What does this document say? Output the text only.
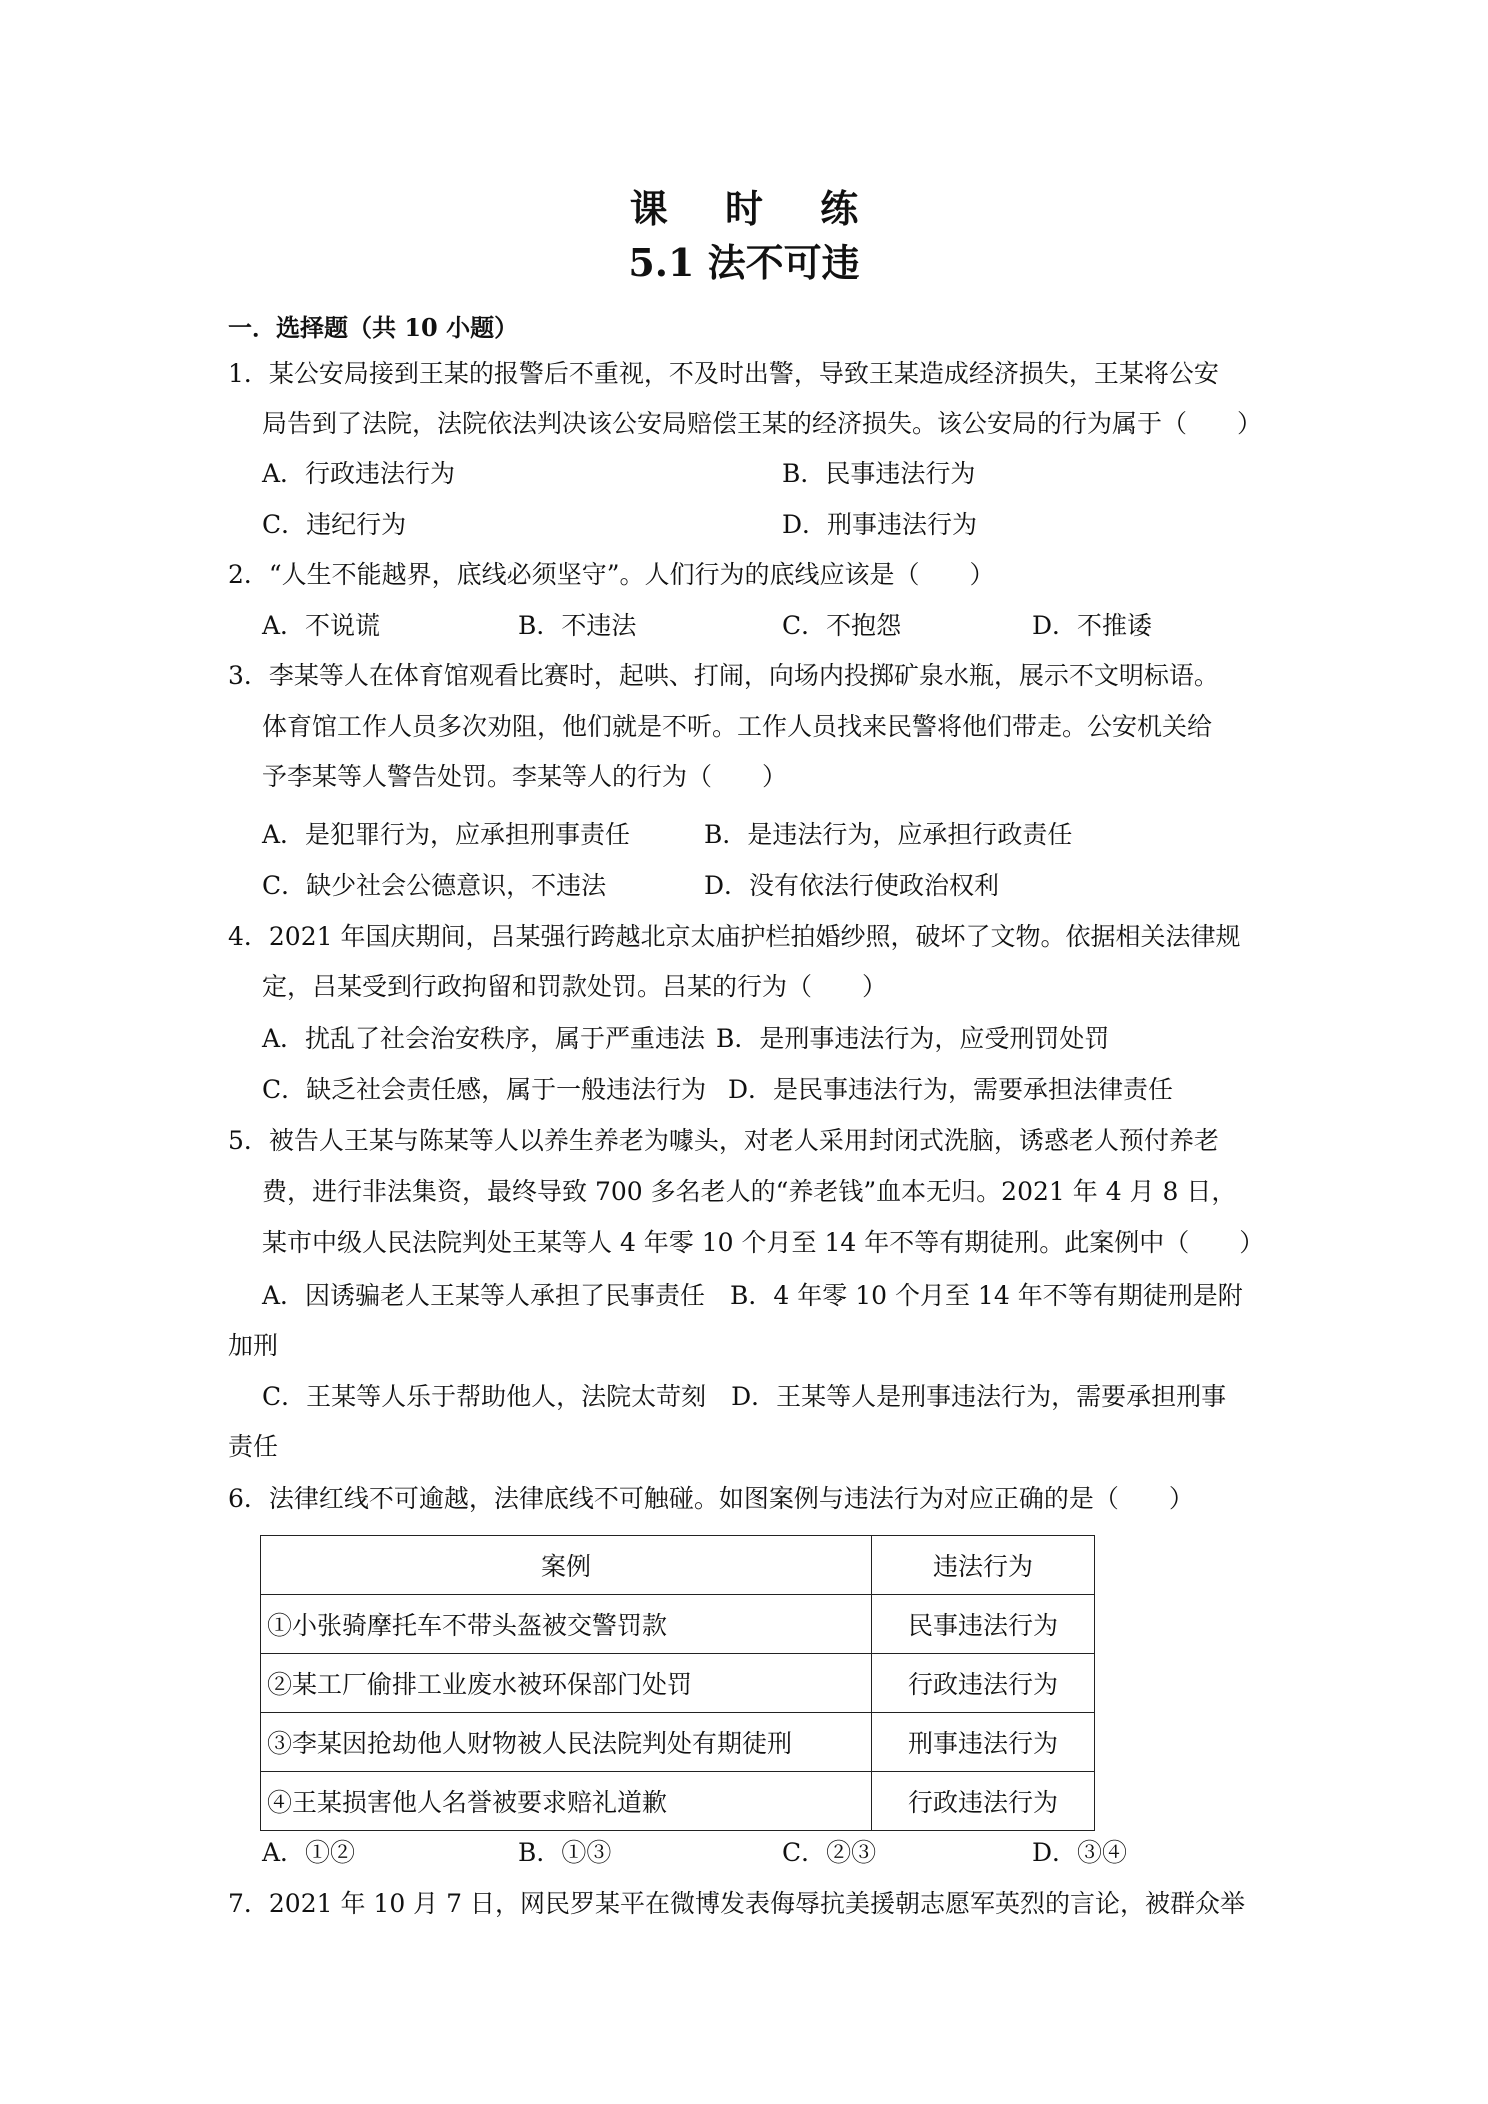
课 时 练
5.1 法不可违
一．选择题（共 10 小题）
1．某公安局接到王某的报警后不重视，不及时出警，导致王某造成经济损失，王某将公安
局告到了法院，法院依法判决该公安局赔偿王某的经济损失。该公安局的行为属于（　　）
A．行政违法行为	B．民事违法行为
C．违纪行为	D．刑事违法行为
2．“人生不能越界，底线必须坚守”。人们行为的底线应该是（　　）
A．不说谎	B．不违法	C．不抱怨	D．不推诿
3．李某等人在体育馆观看比赛时，起哄、打闹，向场内投掷矿泉水瓶，展示不文明标语。
体育馆工作人员多次劝阻，他们就是不听。工作人员找来民警将他们带走。公安机关给
予李某等人警告处罚。李某等人的行为（　　）
A．是犯罪行为，应承担刑事责任	B．是违法行为，应承担行政责任
C．缺少社会公德意识，不违法	D．没有依法行使政治权利
4．2021 年国庆期间，吕某强行跨越北京太庙护栏拍婚纱照，破坏了文物。依据相关法律规
定，吕某受到行政拘留和罚款处罚。吕某的行为（　　）
A．扰乱了社会治安秩序，属于严重违法 B．是刑事违法行为，应受刑罚处罚
C．缺乏社会责任感，属于一般违法行为 D．是民事违法行为，需要承担法律责任
5．被告人王某与陈某等人以养生养老为噱头，对老人采用封闭式洗脑，诱惑老人预付养老
费，进行非法集资，最终导致 700 多名老人的“养老钱”血本无归。2021 年 4 月 8 日，
某市中级人民法院判处王某等人 4 年零 10 个月至 14 年不等有期徒刑。此案例中（　　）
A．因诱骗老人王某等人承担了民事责任　B．4 年零 10 个月至 14 年不等有期徒刑是附
加刑
C．王某等人乐于帮助他人，法院太苛刻　D．王某等人是刑事违法行为，需要承担刑事
责任
6．法律红线不可逾越，法律底线不可触碰。如图案例与违法行为对应正确的是（　　）
案例	违法行为
①小张骑摩托车不带头盔被交警罚款	民事违法行为
②某工厂偷排工业废水被环保部门处罚	行政违法行为
③李某因抢劫他人财物被人民法院判处有期徒刑	刑事违法行为
④王某损害他人名誉被要求赔礼道歉	行政违法行为
A．①②	B．①③	C．②③	D．③④
7．2021 年 10 月 7 日，网民罗某平在微博发表侮辱抗美援朝志愿军英烈的言论，被群众举
